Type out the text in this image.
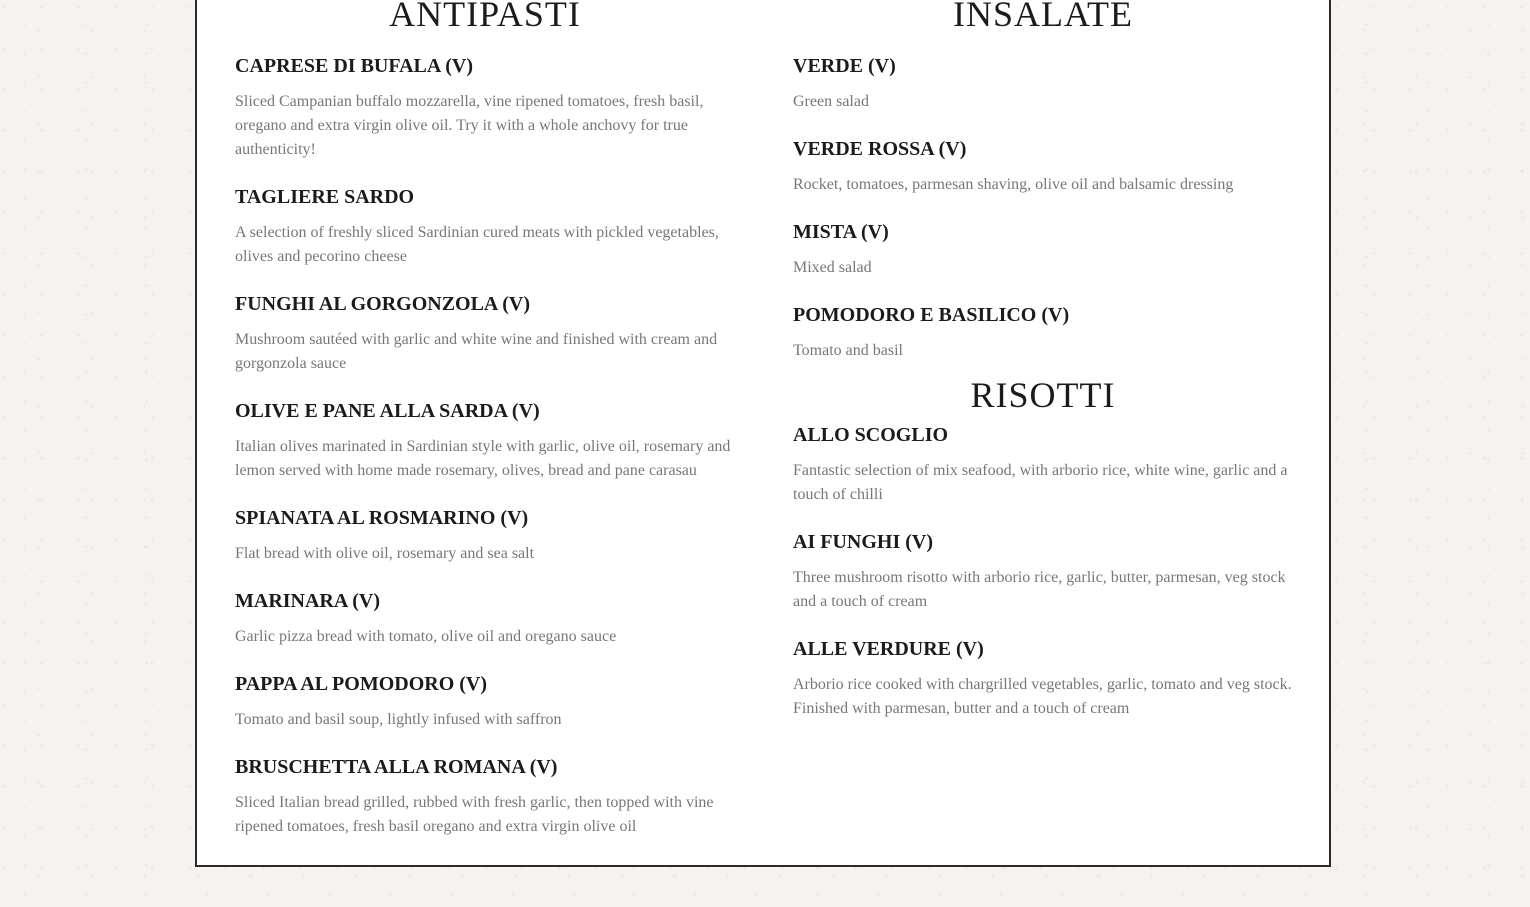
ANTIPASTI
CAPRESE DI BUFALA (V)

Sliced Campanian buffalo mozzarella, vine ripened tomatoes, fresh basil, oregano and extra virgin olive oil. Try it with a whole anchovy for true authenticity!

TAGLIERE SARDO

A selection of freshly sliced Sardinian cured meats with pickled vegetables, olives and pecorino cheese

FUNGHI AL GORGONZOLA (V)

Mushroom sautéed with garlic and white wine and finished with cream and gorgonzola sauce

OLIVE E PANE ALLA SARDA (V)

Italian olives marinated in Sardinian style with garlic, olive oil, rosemary and lemon served with home made rosemary, olives, bread and pane carasau

SPIANATA AL ROSMARINO (V)

Flat bread with olive oil, rosemary and sea salt

MARINARA (V)

Garlic pizza bread with tomato, olive oil and oregano sauce

PAPPA AL POMODORO (V)

Tomato and basil soup, lightly infused with saffron

BRUSCHETTA ALLA ROMANA (V)

Sliced Italian bread grilled, rubbed with fresh garlic, then topped with vine ripened tomatoes, fresh basil oregano and extra virgin olive oil

INSALATE
VERDE (V)

Green salad

VERDE ROSSA (V)

Rocket, tomatoes, parmesan shaving, olive oil and balsamic dressing

MISTA (V)

Mixed salad

POMODORO E BASILICO (V)

Tomato and basil

RISOTTI
ALLO SCOGLIO

Fantastic selection of mix seafood, with arborio rice, white wine, garlic and a touch of chilli

AI FUNGHI (V)

Three mushroom risotto with arborio rice, garlic, butter, parmesan, veg stock and a touch of cream

ALLE VERDURE (V)

Arborio rice cooked with chargrilled vegetables, garlic, tomato and veg stock. Finished with parmesan, butter and a touch of cream
